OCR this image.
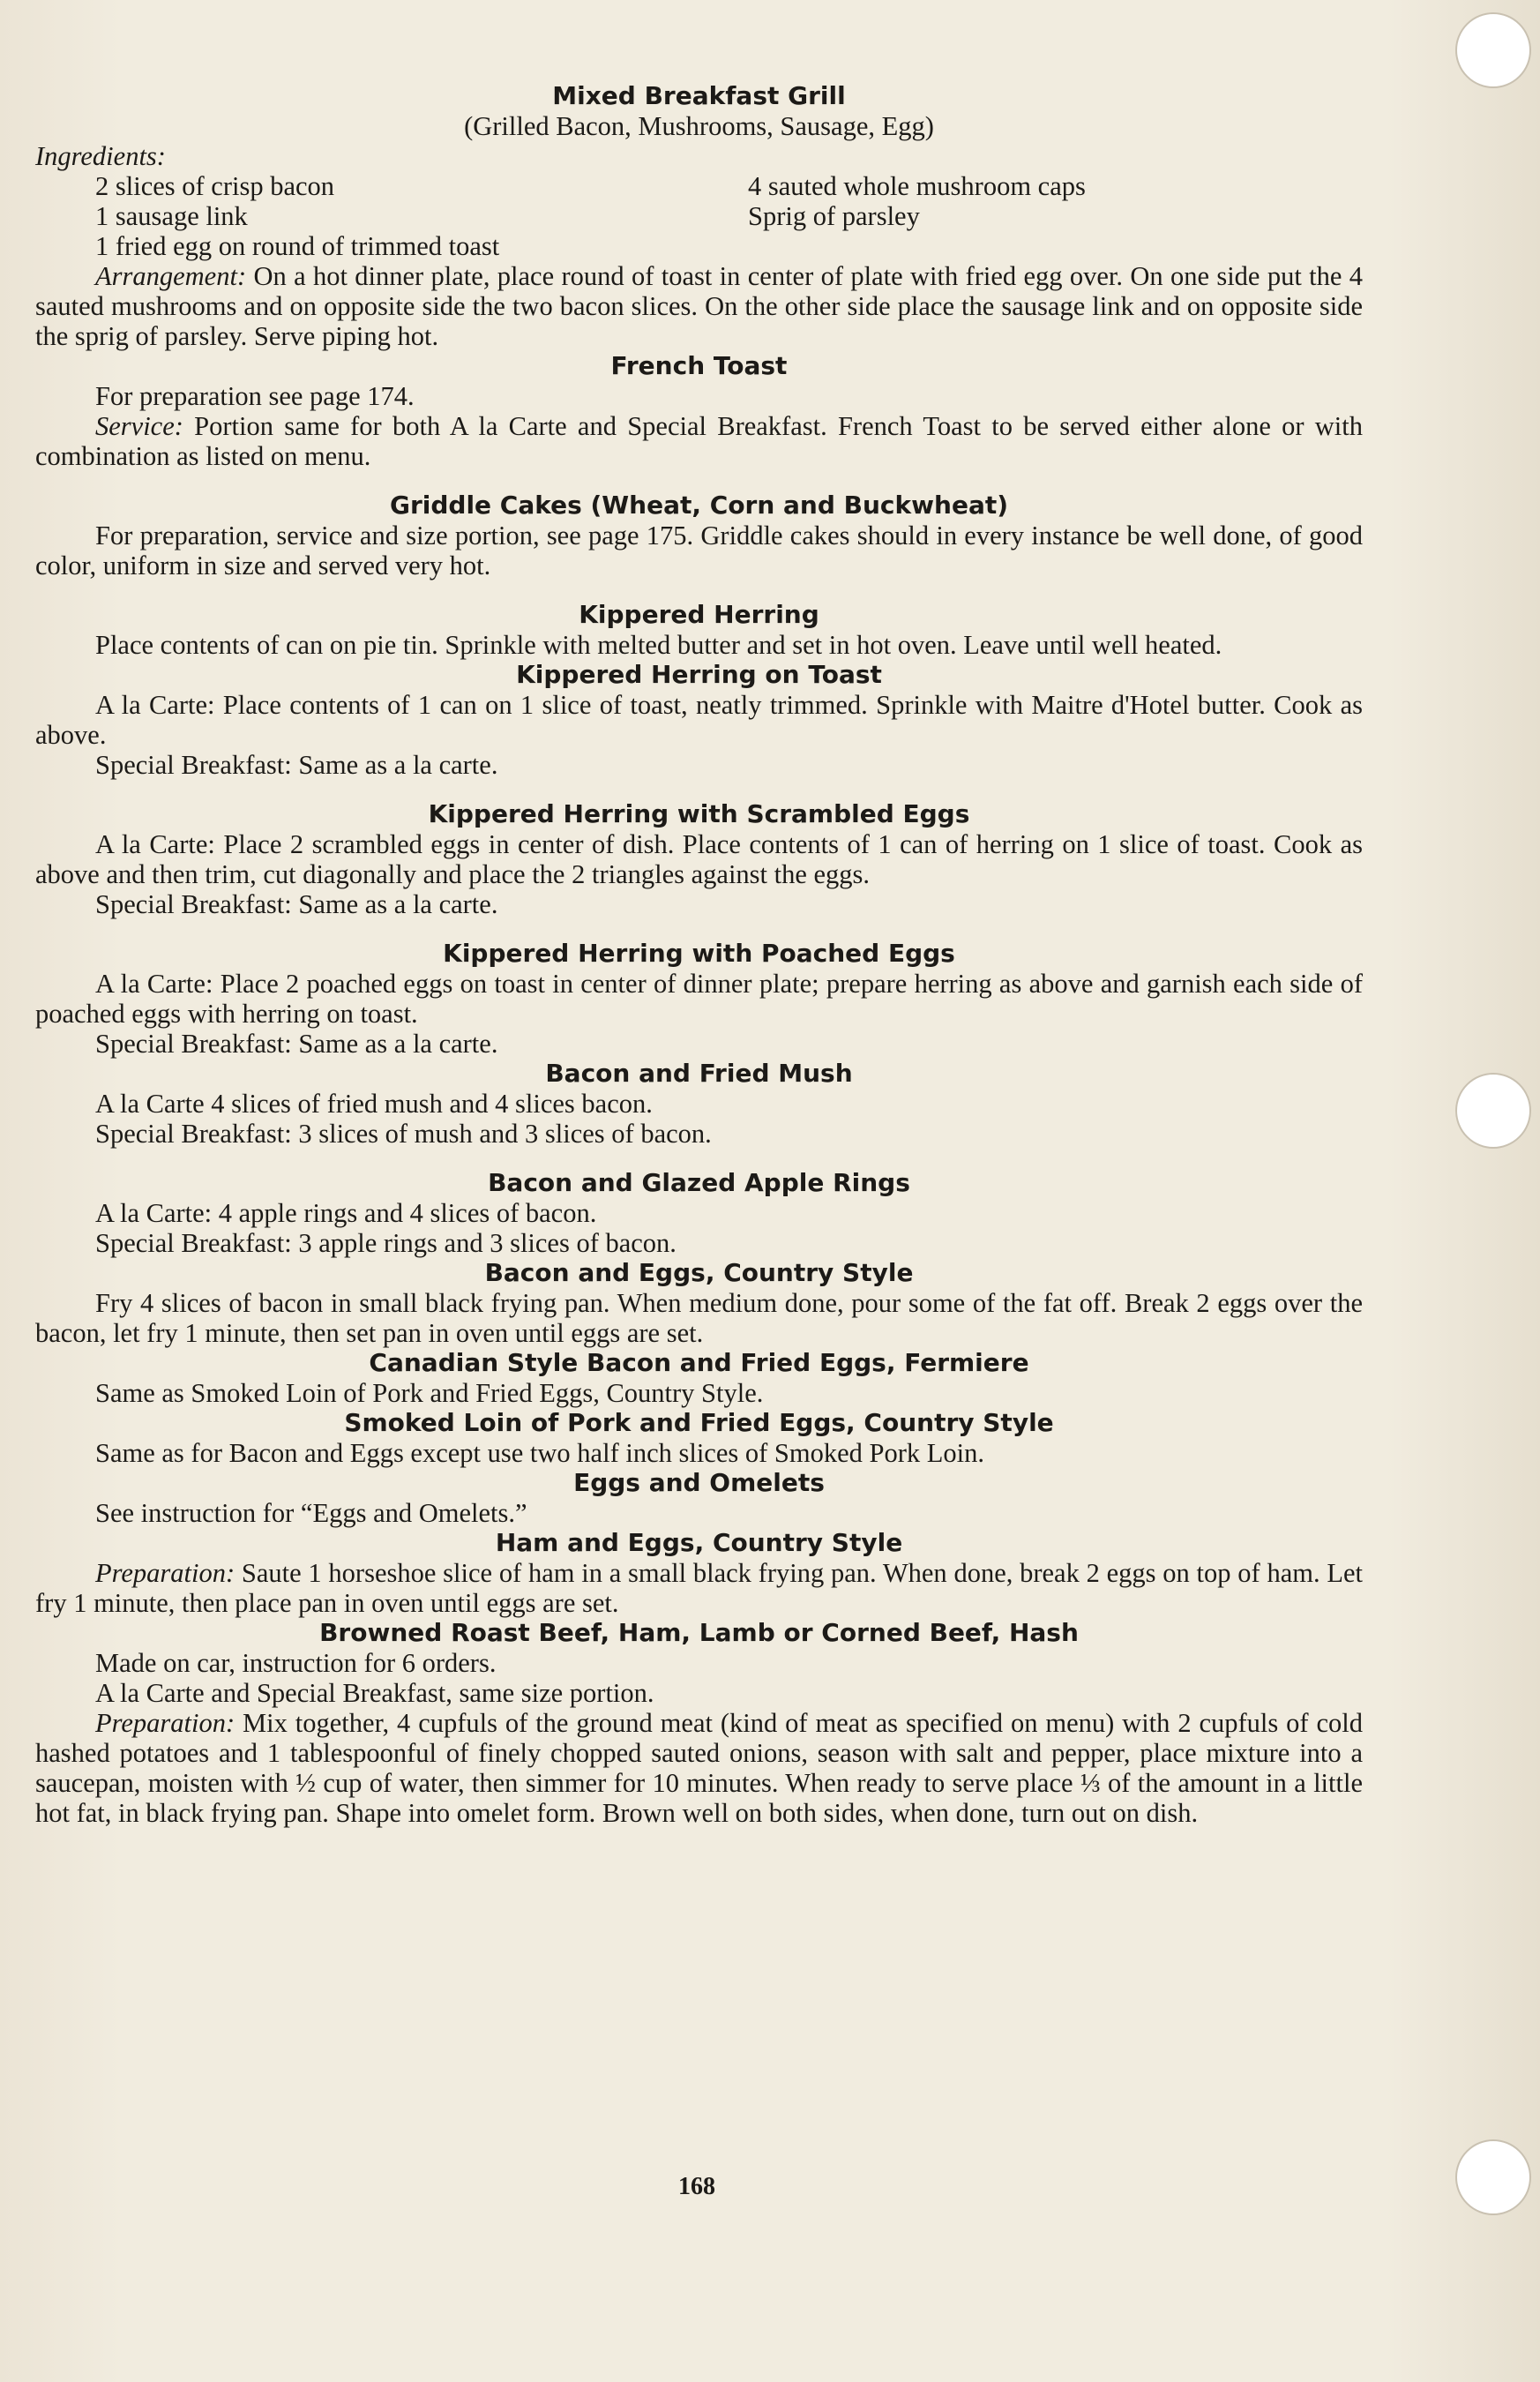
Mixed Breakfast Grill
(Grilled Bacon, Mushrooms, Sausage, Egg)
Ingredients:
2 slices of crisp bacon
1 sausage link
4 sauted whole mushroom caps
Sprig of parsley
1 fried egg on round of trimmed toast
Arrangement: On a hot dinner plate, place round of toast in center of plate with fried egg over. On one side put the 4 sauted mushrooms and on opposite side the two bacon slices. On the other side place the sausage link and on opposite side the sprig of parsley. Serve piping hot.
French Toast
For preparation see page 174.
Service: Portion same for both A la Carte and Special Breakfast. French Toast to be served either alone or with combination as listed on menu.
Griddle Cakes (Wheat, Corn and Buckwheat)
For preparation, service and size portion, see page 175. Griddle cakes should in every instance be well done, of good color, uniform in size and served very hot.
Kippered Herring
Place contents of can on pie tin. Sprinkle with melted butter and set in hot oven. Leave until well heated.
Kippered Herring on Toast
A la Carte: Place contents of 1 can on 1 slice of toast, neatly trimmed. Sprinkle with Maitre d'Hotel butter. Cook as above.
Special Breakfast: Same as a la carte.
Kippered Herring with Scrambled Eggs
A la Carte: Place 2 scrambled eggs in center of dish. Place contents of 1 can of herring on 1 slice of toast. Cook as above and then trim, cut diagonally and place the 2 triangles against the eggs.
Special Breakfast: Same as a la carte.
Kippered Herring with Poached Eggs
A la Carte: Place 2 poached eggs on toast in center of dinner plate; prepare herring as above and garnish each side of poached eggs with herring on toast.
Special Breakfast: Same as a la carte.
Bacon and Fried Mush
A la Carte 4 slices of fried mush and 4 slices bacon.
Special Breakfast: 3 slices of mush and 3 slices of bacon.
Bacon and Glazed Apple Rings
A la Carte: 4 apple rings and 4 slices of bacon.
Special Breakfast: 3 apple rings and 3 slices of bacon.
Bacon and Eggs, Country Style
Fry 4 slices of bacon in small black frying pan. When medium done, pour some of the fat off. Break 2 eggs over the bacon, let fry 1 minute, then set pan in oven until eggs are set.
Canadian Style Bacon and Fried Eggs, Fermiere
Same as Smoked Loin of Pork and Fried Eggs, Country Style.
Smoked Loin of Pork and Fried Eggs, Country Style
Same as for Bacon and Eggs except use two half inch slices of Smoked Pork Loin.
Eggs and Omelets
See instruction for “Eggs and Omelets.”
Ham and Eggs, Country Style
Preparation: Saute 1 horseshoe slice of ham in a small black frying pan. When done, break 2 eggs on top of ham. Let fry 1 minute, then place pan in oven until eggs are set.
Browned Roast Beef, Ham, Lamb or Corned Beef, Hash
Made on car, instruction for 6 orders.
A la Carte and Special Breakfast, same size portion.
Preparation: Mix together, 4 cupfuls of the ground meat (kind of meat as specified on menu) with 2 cupfuls of cold hashed potatoes and 1 tablespoonful of finely chopped sauted onions, season with salt and pepper, place mixture into a saucepan, moisten with ½ cup of water, then simmer for 10 minutes. When ready to serve place ⅓ of the amount in a little hot fat, in black frying pan. Shape into omelet form. Brown well on both sides, when done, turn out on dish.
168
